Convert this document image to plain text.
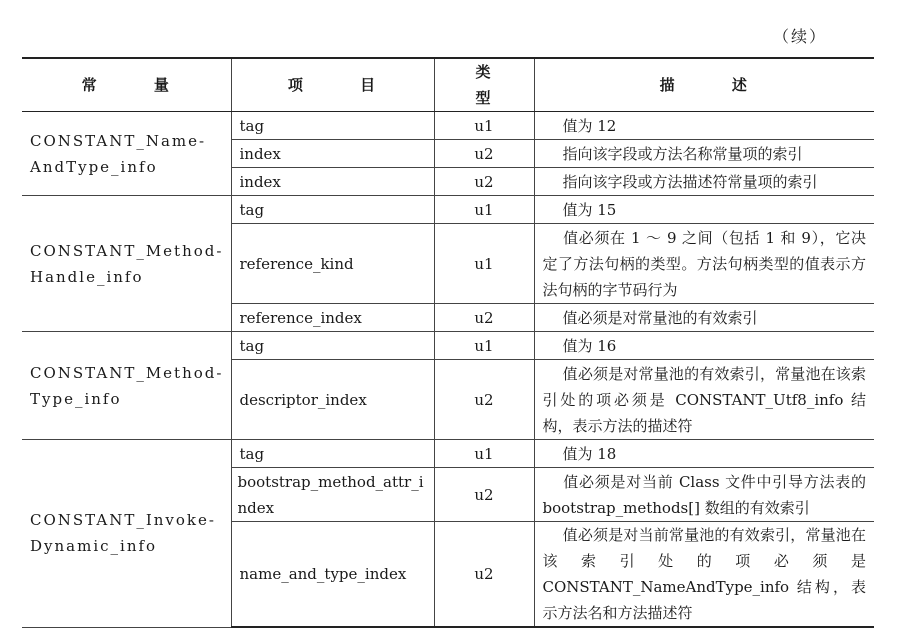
（续）
常 量	项 目	类 型	描 述
CONSTANT_Name-AndType_info	tag	u1	值为 12
	index	u2	指向该字段或方法名称常量项的索引
	index	u2	指向该字段或方法描述符常量项的索引
CONSTANT_Method-Handle_info	tag	u1	值为 15
	reference_kind	u1	值必须在 1 ～ 9 之间（包括 1 和 9），它决定了方法句柄的类型。方法句柄类型的值表示方法句柄的字节码行为
	reference_index	u2	值必须是对常量池的有效索引
CONSTANT_Method-Type_info	tag	u1	值为 16
	descriptor_index	u2	值必须是对常量池的有效索引，常量池在该索引处的项必须是 CONSTANT_Utf8_info 结构，表示方法的描述符
CONSTANT_Invoke-Dynamic_info	tag	u1	值为 18
	bootstrap_method_attr_index	u2	值必须是对当前 Class 文件中引导方法表的 bootstrap_methods[] 数组的有效索引
	name_and_type_index	u2	值必须是对当前常量池的有效索引，常量池在该索引处的项必须是 CONSTANT_NameAndType_info 结构，表示方法名和方法描述符
